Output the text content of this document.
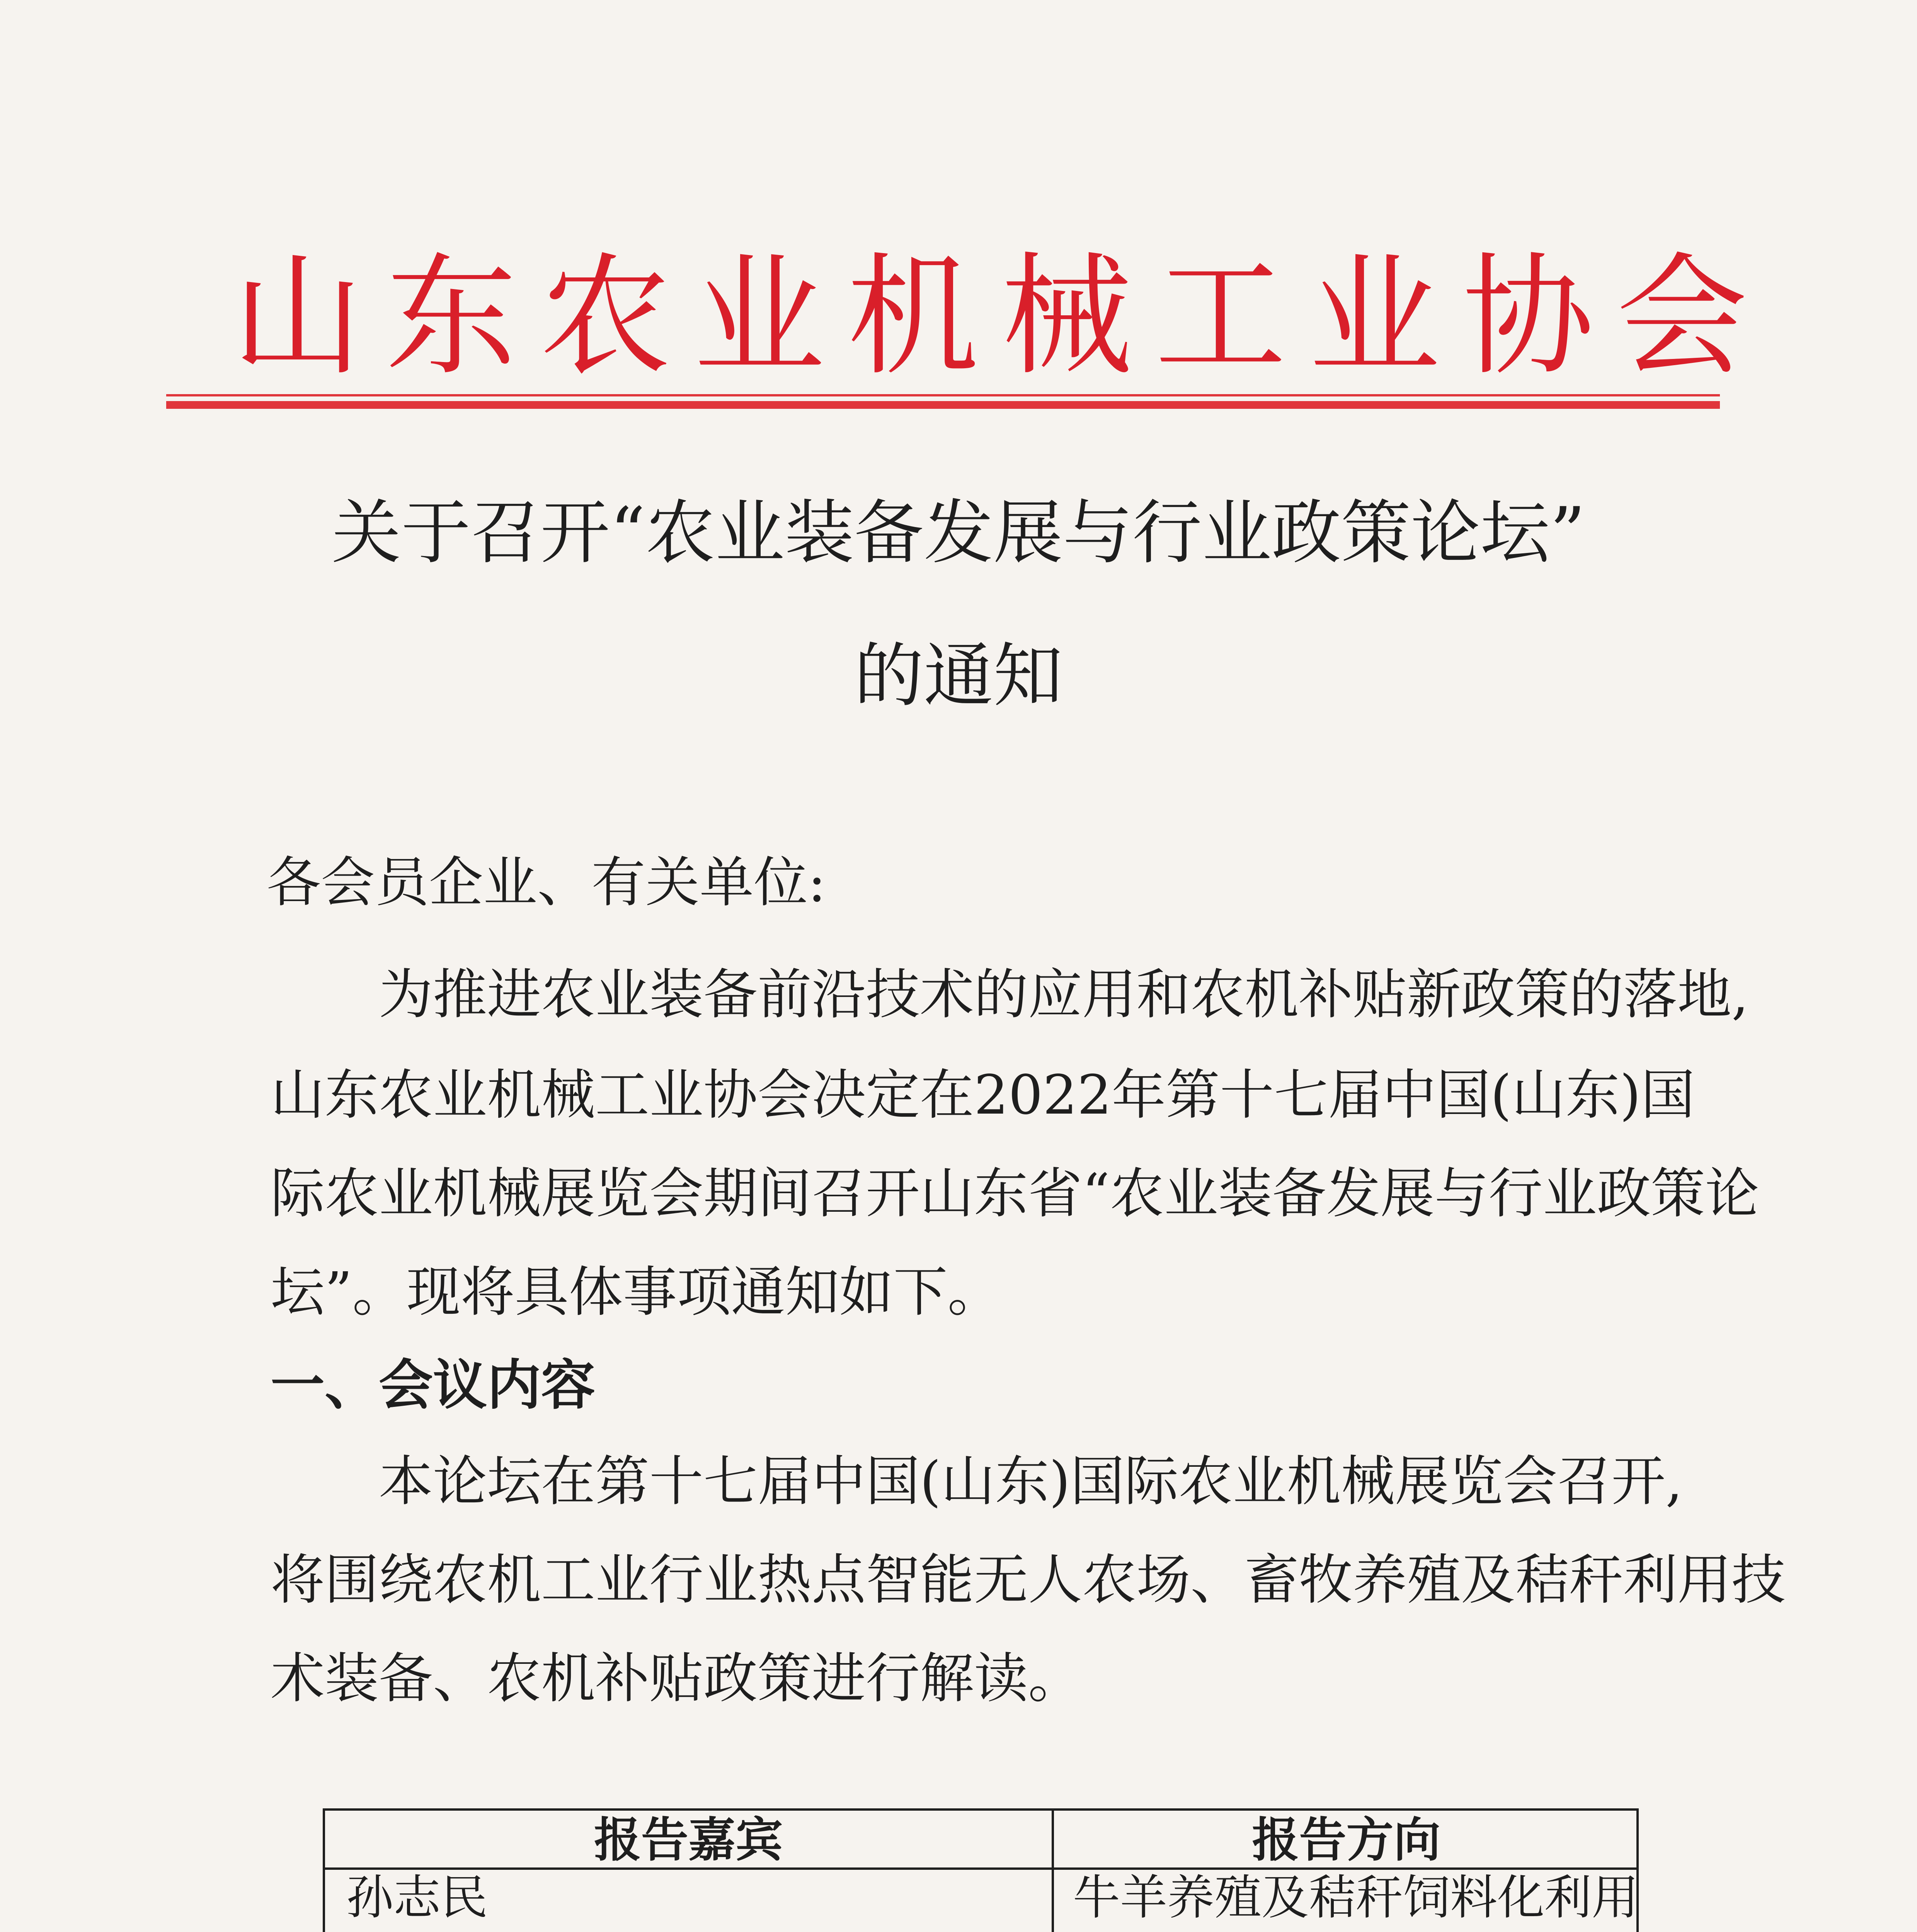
山东农业机械工业协会
关于召开“农业装备发展与行业政策论坛”
的通知
各会员企业、有关单位:
为推进农业装备前沿技术的应用和农机补贴新政策的落地,
山东农业机械工业协会决定在2022年第十七届中国(山东)国
际农业机械展览会期间召开山东省“农业装备发展与行业政策论
坛”。现将具体事项通知如下。
一、会议内容
本论坛在第十七届中国(山东)国际农业机械展览会召开,
将围绕农机工业行业热点智能无人农场、畜牧养殖及秸秆利用技
术装备、农机补贴政策进行解读。
报告嘉宾	报告方向
孙志民	牛羊养殖及秸秆饲料化利用
